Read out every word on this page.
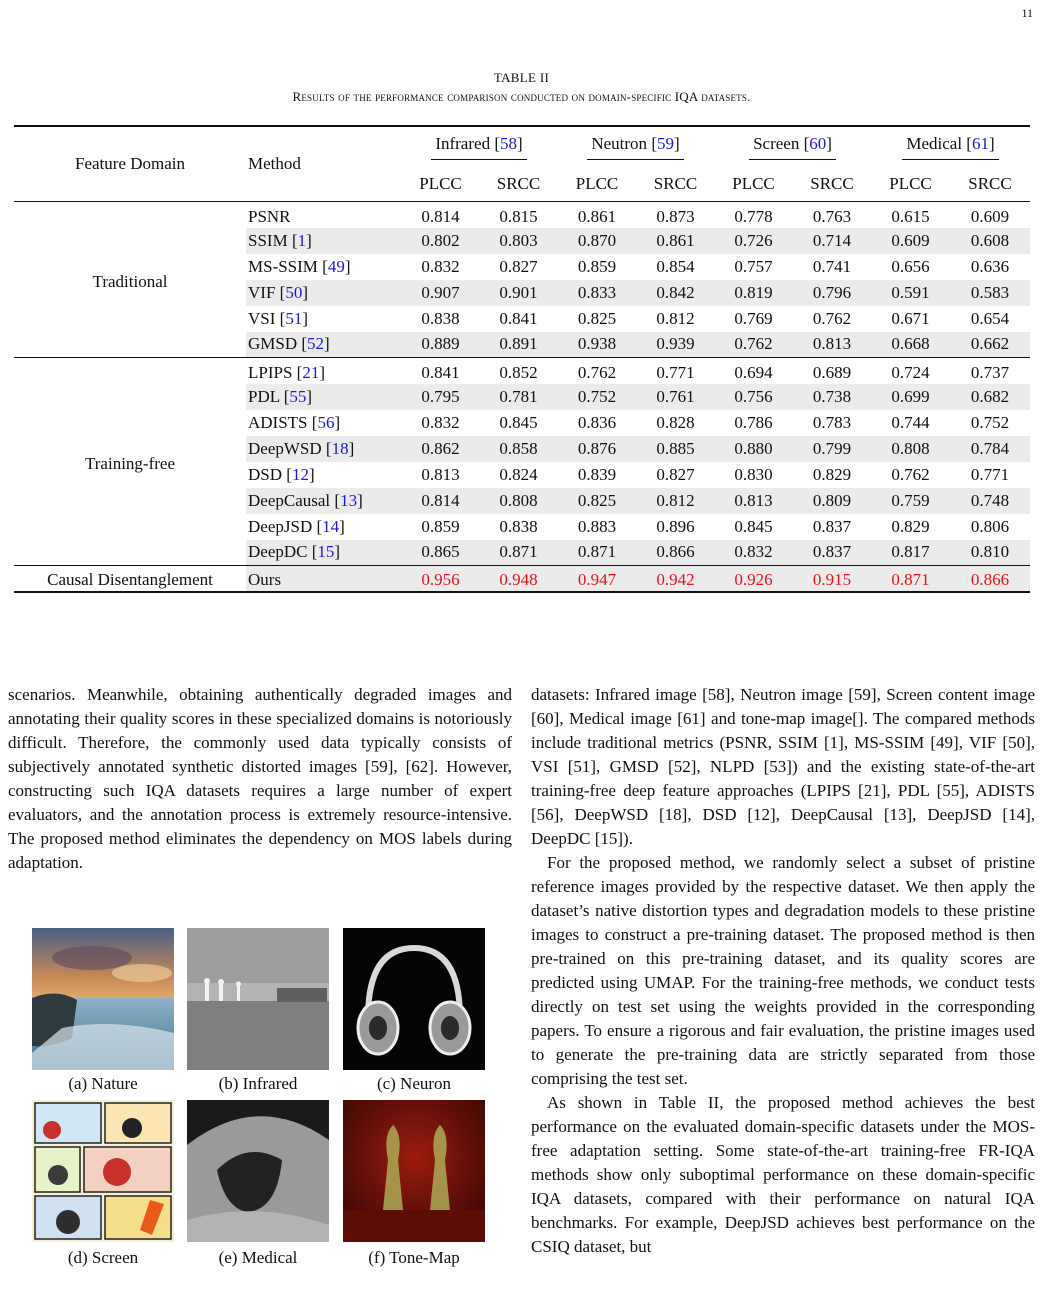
11
TABLE II
Results of the performance comparison conducted on domain-specific IQA datasets.
Feature Domain	Method	Infrared [58]		Neutron [59]		Screen [60]		Medical [61]	
		PLCC	SRCC	PLCC	SRCC	PLCC	SRCC	PLCC	SRCC
Traditional	PSNR	0.814	0.815	0.861	0.873	0.778	0.763	0.615	0.609
	SSIM [1]	0.802	0.803	0.870	0.861	0.726	0.714	0.609	0.608
	MS-SSIM [49]	0.832	0.827	0.859	0.854	0.757	0.741	0.656	0.636
	VIF [50]	0.907	0.901	0.833	0.842	0.819	0.796	0.591	0.583
	VSI [51]	0.838	0.841	0.825	0.812	0.769	0.762	0.671	0.654
	GMSD [52]	0.889	0.891	0.938	0.939	0.762	0.813	0.668	0.662
Training-free	LPIPS [21]	0.841	0.852	0.762	0.771	0.694	0.689	0.724	0.737
	PDL [55]	0.795	0.781	0.752	0.761	0.756	0.738	0.699	0.682
	ADISTS [56]	0.832	0.845	0.836	0.828	0.786	0.783	0.744	0.752
	DeepWSD [18]	0.862	0.858	0.876	0.885	0.880	0.799	0.808	0.784
	DSD [12]	0.813	0.824	0.839	0.827	0.830	0.829	0.762	0.771
	DeepCausal [13]	0.814	0.808	0.825	0.812	0.813	0.809	0.759	0.748
	DeepJSD [14]	0.859	0.838	0.883	0.896	0.845	0.837	0.829	0.806
	DeepDC [15]	0.865	0.871	0.871	0.866	0.832	0.837	0.817	0.810
Causal Disentanglement	Ours	0.956	0.948	0.947	0.942	0.926	0.915	0.871	0.866

scenarios. Meanwhile, obtaining authentically degraded images and annotating their quality scores in these specialized domains is notoriously difficult. Therefore, the commonly used data typically consists of subjectively annotated synthetic distorted images [59], [62]. However, constructing such IQA datasets requires a large number of expert evaluators, and the annotation process is extremely resource-intensive. The proposed method eliminates the dependency on MOS labels during adaptation.

(a) Nature	(b) Infrared	(c) Neuron
(d) Screen	(e) Medical	(f) Tone-Map

datasets: Infrared image [58], Neutron image [59], Screen content image [60], Medical image [61] and tone-map image[]. The compared methods include traditional metrics (PSNR, SSIM [1], MS-SSIM [49], VIF [50], VSI [51], GMSD [52], NLPD [53]) and the existing state-of-the-art training-free deep feature approaches (LPIPS [21], PDL [55], ADISTS [56], DeepWSD [18], DSD [12], DeepCausal [13], DeepJSD [14], DeepDC [15]).

For the proposed method, we randomly select a subset of pristine reference images provided by the respective dataset. We then apply the dataset’s native distortion types and degradation models to these pristine images to construct a pre-training dataset. The proposed method is then pre-trained on this pre-training dataset, and its quality scores are predicted using UMAP. For the training-free methods, we conduct tests directly on test set using the weights provided in the corresponding papers. To ensure a rigorous and fair evaluation, the pristine images used to generate the pre-training data are strictly separated from those comprising the test set.

As shown in Table II, the proposed method achieves the best performance on the evaluated domain-specific datasets under the MOS-free adaptation setting. Some state-of-the-art training-free FR-IQA methods show only suboptimal performance on these domain-specific IQA datasets, compared with their performance on natural IQA benchmarks. For example, DeepJSD achieves best performance on the CSIQ dataset, but
